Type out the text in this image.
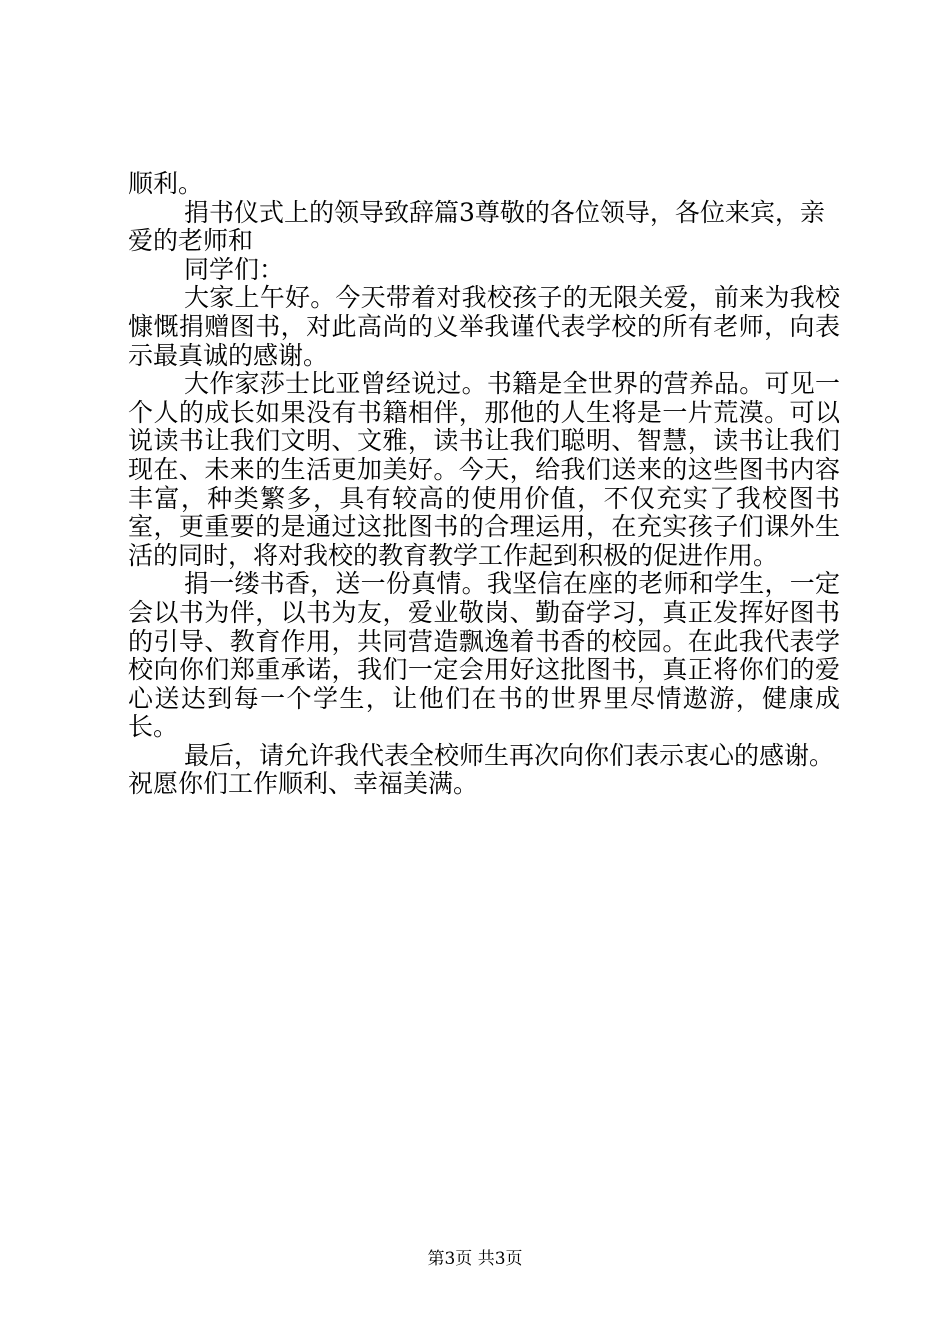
顺利。

捐书仪式上的领导致辞篇3尊敬的各位领导，各位来宾，亲爱的老师和

同学们：

大家上午好。今天带着对我校孩子的无限关爱，前来为我校慷慨捐赠图书，对此高尚的义举我谨代表学校的所有老师，向表示最真诚的感谢。

大作家莎士比亚曾经说过。书籍是全世界的营养品。可见一个人的成长如果没有书籍相伴，那他的人生将是一片荒漠。可以说读书让我们文明、文雅，读书让我们聪明、智慧，读书让我们现在、未来的生活更加美好。今天，给我们送来的这些图书内容丰富，种类繁多，具有较高的使用价值，不仅充实了我校图书室，更重要的是通过这批图书的合理运用，在充实孩子们课外生活的同时，将对我校的教育教学工作起到积极的促进作用。

捐一缕书香，送一份真情。我坚信在座的老师和学生，一定会以书为伴，以书为友，爱业敬岗、勤奋学习，真正发挥好图书的引导、教育作用，共同营造飘逸着书香的校园。在此我代表学校向你们郑重承诺，我们一定会用好这批图书，真正将你们的爱心送达到每一个学生，让他们在书的世界里尽情遨游，健康成长。

最后，请允许我代表全校师生再次向你们表示衷心的感谢。祝愿你们工作顺利、幸福美满。

第3页 共3页
